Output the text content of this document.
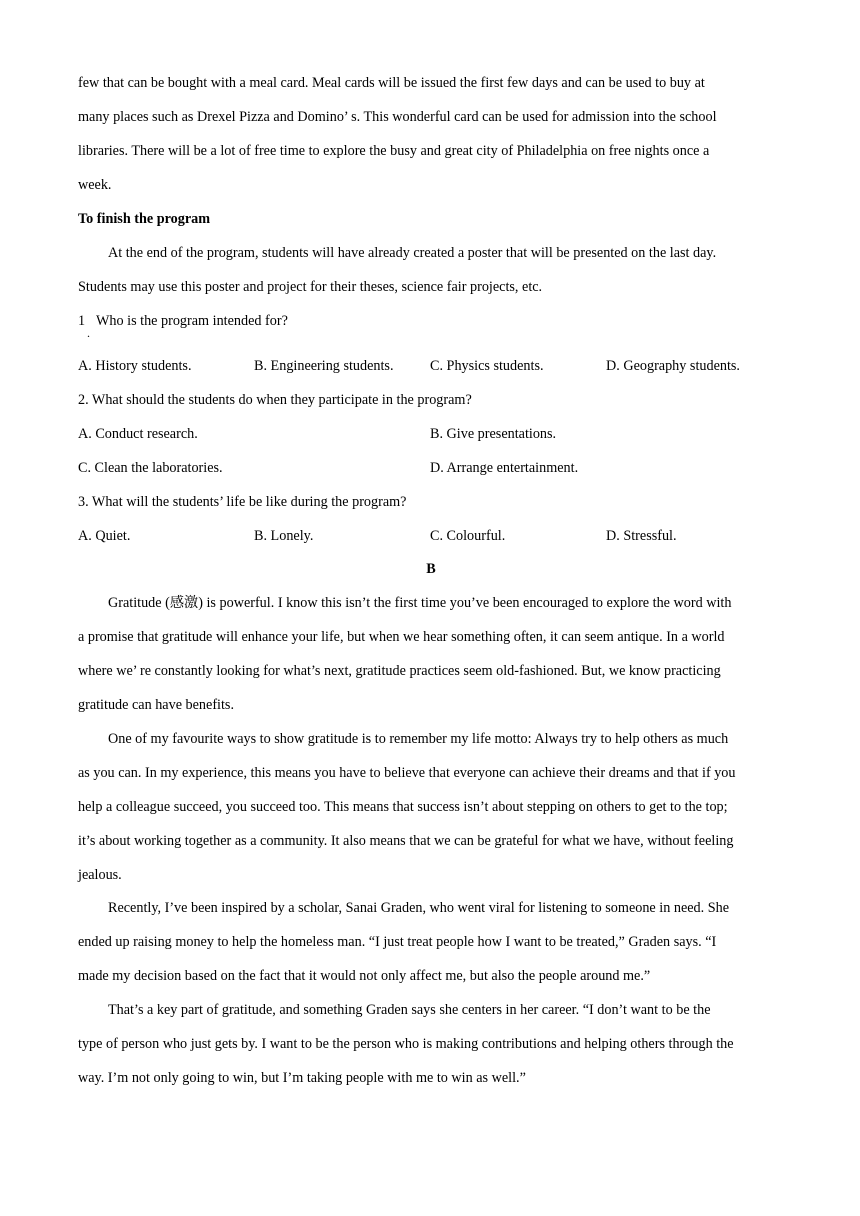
few that can be bought with a meal card. Meal cards will be issued the first few days and can be used to buy at
many places such as Drexel Pizza and Domino’ s. This wonderful card can be used for admission into the school
libraries. There will be a lot of free time to explore the busy and great city of Philadelphia on free nights once a
week.
To finish the program
At the end of the program, students will have already created a poster that will be presented on the last day.
Students may use this poster and project for their theses, science fair projects, etc.
1
.
Who is the program intended for?
A. History students.	B. Engineering students.	C. Physics students.	D. Geography students.
2. What should the students do when they participate in the program?
A. Conduct research.	B. Give presentations.
C. Clean the laboratories.	D. Arrange entertainment.
3. What will the students’ life be like during the program?
A. Quiet.	B. Lonely.	C. Colourful.	D. Stressful.
B
Gratitude (感激) is powerful. I know this isn’t the first time you’ve been encouraged to explore the word with
a promise that gratitude will enhance your life, but when we hear something often, it can seem antique. In a world
where we’ re constantly looking for what’s next, gratitude practices seem old-fashioned. But, we know practicing
gratitude can have benefits.
One of my favourite ways to show gratitude is to remember my life motto: Always try to help others as much
as you can. In my experience, this means you have to believe that everyone can achieve their dreams and that if you
help a colleague succeed, you succeed too. This means that success isn’t about stepping on others to get to the top;
it’s about working together as a community. It also means that we can be grateful for what we have, without feeling
jealous.
Recently, I’ve been inspired by a scholar, Sanai Graden, who went viral for listening to someone in need. She
ended up raising money to help the homeless man. “I just treat people how I want to be treated,” Graden says. “I
made my decision based on the fact that it would not only affect me, but also the people around me.”
That’s a key part of gratitude, and something Graden says she centers in her career. “I don’t want to be the
type of person who just gets by. I want to be the person who is making contributions and helping others through the
way. I’m not only going to win, but I’m taking people with me to win as well.”
